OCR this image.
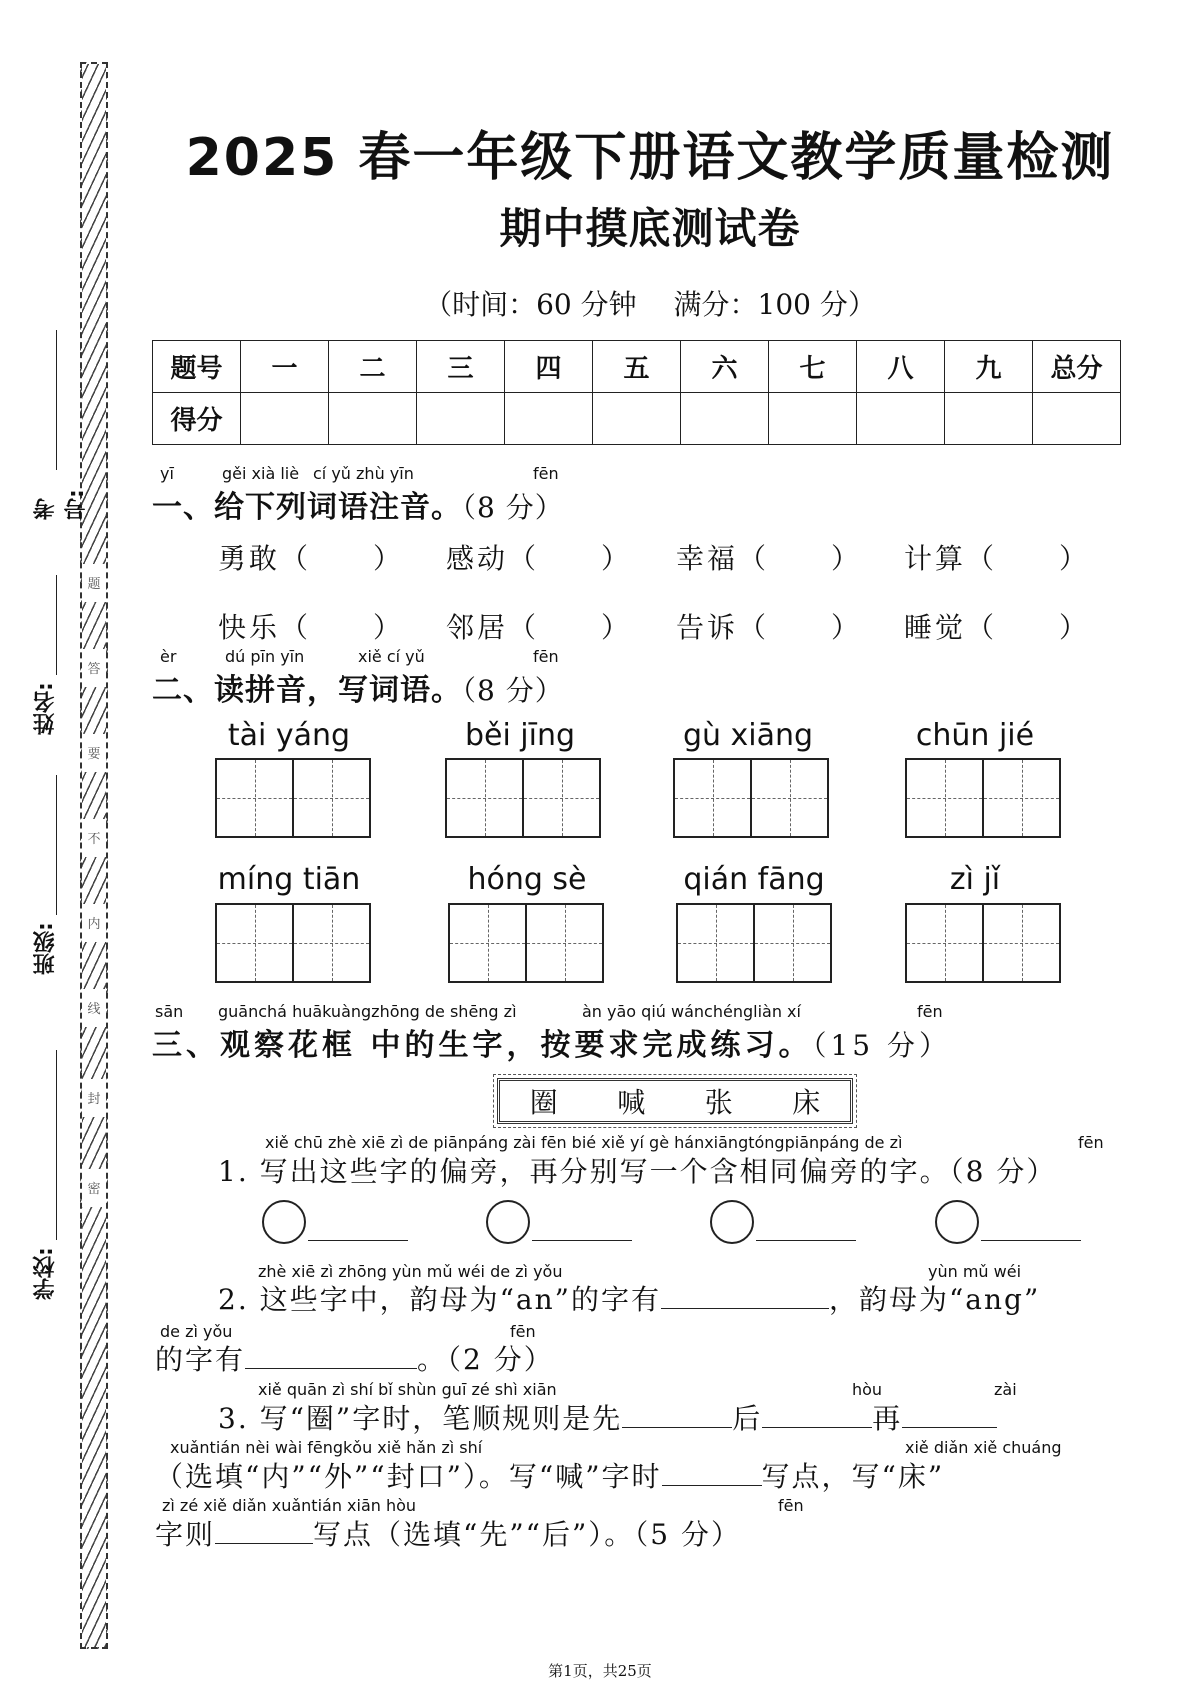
题
答
要
不
内
线
封
密
考号:
姓名:
班级:
学校:
2025 春一年级下册语文教学质量检测
期中摸底测试卷
（时间：60 分钟　 满分：100 分）
题号	一	二	三	四	五	六	七	八	九	总分
得分										
yī	gěi xià liè cí yǔ zhù yīn	fēn
一、给下列词语注音。（8 分）
勇敢（　　） 感动（　　） 幸福（　　） 计算（　　）
快乐（　　） 邻居（　　） 告诉（　　） 睡觉（　　）
èr	dú pīn yīn	xiě cí yǔ	fēn
二、读拼音，写词语。（8 分）
tài yáng	běi jīng	gù xiāng	chūn jié
míng tiān	hóng sè	qián fāng	zì jǐ
sān guānchá huākuàngzhōng de shēng zì	àn yāo qiú wánchéngliàn xí	fēn
三、观察花框 中的生字，按要求完成练习。（15 分）
圈 喊 张 床
xiě chū zhè xiē zì de piānpáng zài fēn bié xiě yí gè hánxiāngtóngpiānpáng de zì	fēn
1. 写出这些字的偏旁，再分别写一个含相同偏旁的字。（8 分）
zhè xiē zì zhōng yùn mǔ wéi de zì yǒu	yùn mǔ wéi
2. 这些字中，韵母为“an”的字有	，韵母为“ang”
de zì yǒu	fēn
的字有	。（2 分）
xiě quān zì shí bǐ shùn guī zé shì xiān	hòu	zài
3. 写“圈”字时，笔顺规则是先	后	再
xuǎntián nèi wài fēngkǒu xiě hǎn zì shí	xiě diǎn xiě chuáng
（选填“内”“外”“封口”）。写“喊”字时	写点，写“床”
zì zé xiě diǎn xuǎntián xiān hòu	fēn
字则	写点（选填“先”“后”）。（5 分）
第1页，共25页
